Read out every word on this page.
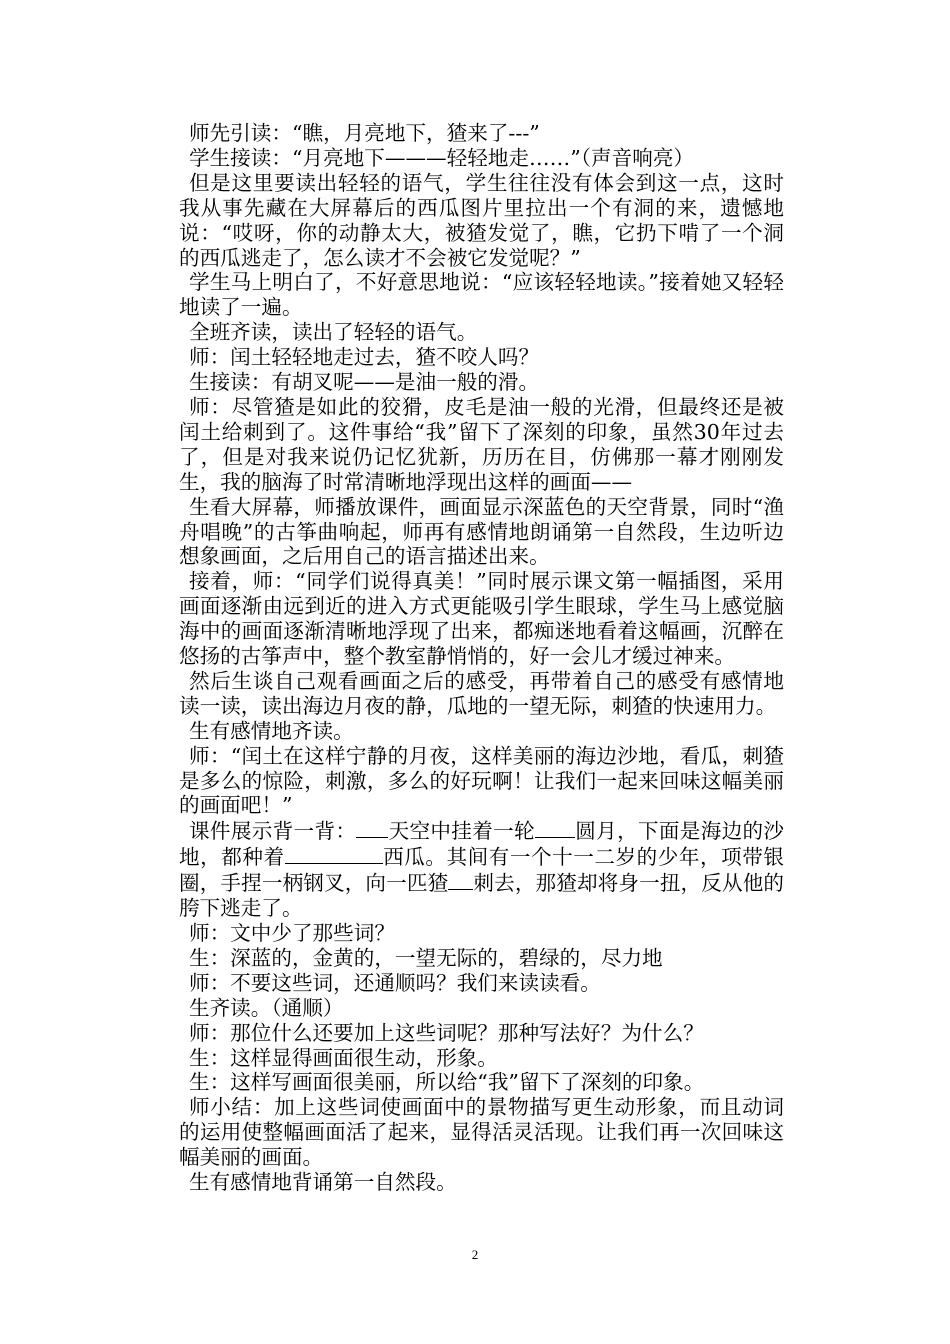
师先引读：“瞧，月亮地下，猹来了---”

学生接读：“月亮地下———轻轻地走……”（声音响亮）

但是这里要读出轻轻的语气，学生往往没有体会到这一点，这时我从事先藏在大屏幕后的西瓜图片里拉出一个有洞的来，遗憾地说：“哎呀，你的动静太大，被猹发觉了，瞧，它扔下啃了一个洞的西瓜逃走了，怎么读才不会被它发觉呢？”

学生马上明白了，不好意思地说：“应该轻轻地读。”接着她又轻轻地读了一遍。

全班齐读，读出了轻轻的语气。

师：闰土轻轻地走过去，猹不咬人吗？

生接读：有胡叉呢——是油一般的滑。

师：尽管猹是如此的狡猾，皮毛是油一般的光滑，但最终还是被闰土给刺到了。这件事给“我”留下了深刻的印象，虽然30年过去了，但是对我来说仍记忆犹新，历历在目，仿佛那一幕才刚刚发生，我的脑海了时常清晰地浮现出这样的画面——

生看大屏幕，师播放课件，画面显示深蓝色的天空背景，同时“渔舟唱晚”的古筝曲响起，师再有感情地朗诵第一自然段，生边听边想象画面，之后用自己的语言描述出来。

接着，师：“同学们说得真美！”同时展示课文第一幅插图，采用画面逐渐由远到近的进入方式更能吸引学生眼球，学生马上感觉脑海中的画面逐渐清晰地浮现了出来，都痴迷地看着这幅画，沉醉在悠扬的古筝声中，整个教室静悄悄的，好一会儿才缓过神来。

然后生谈自己观看画面之后的感受，再带着自己的感受有感情地读一读，读出海边月夜的静，瓜地的一望无际，刺猹的快速用力。

生有感情地齐读。

师：“闰土在这样宁静的月夜，这样美丽的海边沙地，看瓜，刺猹是多么的惊险，刺激，多么的好玩啊！让我们一起来回味这幅美丽的画面吧！”

课件展示背一背： 天空中挂着一轮 圆月，下面是海边的沙地，都种着	西瓜。其间有一个十一二岁的少年，项带银圈，手捏一柄钢叉，向一匹猹 刺去，那猹却将身一扭，反从他的胯下逃走了。

师：文中少了那些词？

生：深蓝的，金黄的，一望无际的，碧绿的，尽力地

师：不要这些词，还通顺吗？我们来读读看。

生齐读。（通顺）

师：那位什么还要加上这些词呢？那种写法好？为什么？

生：这样显得画面很生动，形象。

生：这样写画面很美丽，所以给“我”留下了深刻的印象。

师小结：加上这些词使画面中的景物描写更生动形象，而且动词的运用使整幅画面活了起来，显得活灵活现。让我们再一次回味这幅美丽的画面。

生有感情地背诵第一自然段。

2
